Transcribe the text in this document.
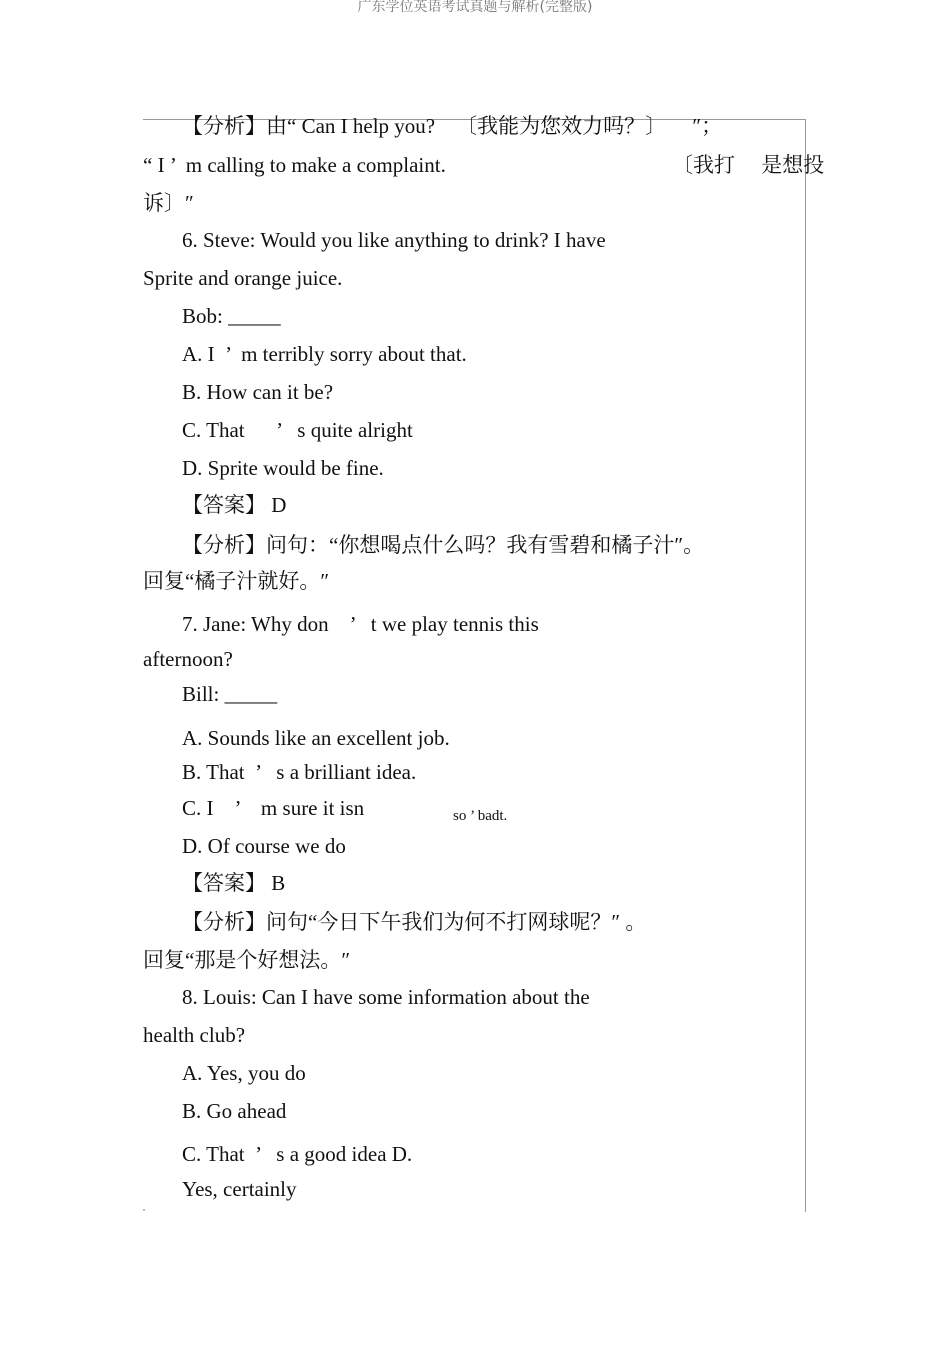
广东学位英语考试真题与解析(完整版)
【分析】由“ Can I help you?    〔我能为您效力吗？〕     ″；
“ I ’  m calling to make a complaint.	〔我打     是想投
诉〕″
6. Steve: Would you like anything to drink? I have
Sprite and orange juice.
Bob: _____
A. I  ’  m terribly sorry about that.
B. How can it be?
C. That      ’   s quite alright
D. Sprite would be fine.
【答案】 D
【分析】问句：“你想喝点什么吗？我有雪碧和橘子汁″。
回复“橘子汁就好。″
7. Jane: Why don    ’   t we play tennis this
afternoon?
Bill: _____
A. Sounds like an excellent job.
B. That  ’   s a brilliant idea.
C. I    ’    m sure it isn	so ’ badt.
D. Of course we do
【答案】 B
【分析】问句“今日下午我们为何不打网球呢？″ 。
回复“那是个好想法。″
8. Louis: Can I have some information about the
health club?
A. Yes, you do
B. Go ahead
C. That  ’   s a good idea D.
Yes, certainly
